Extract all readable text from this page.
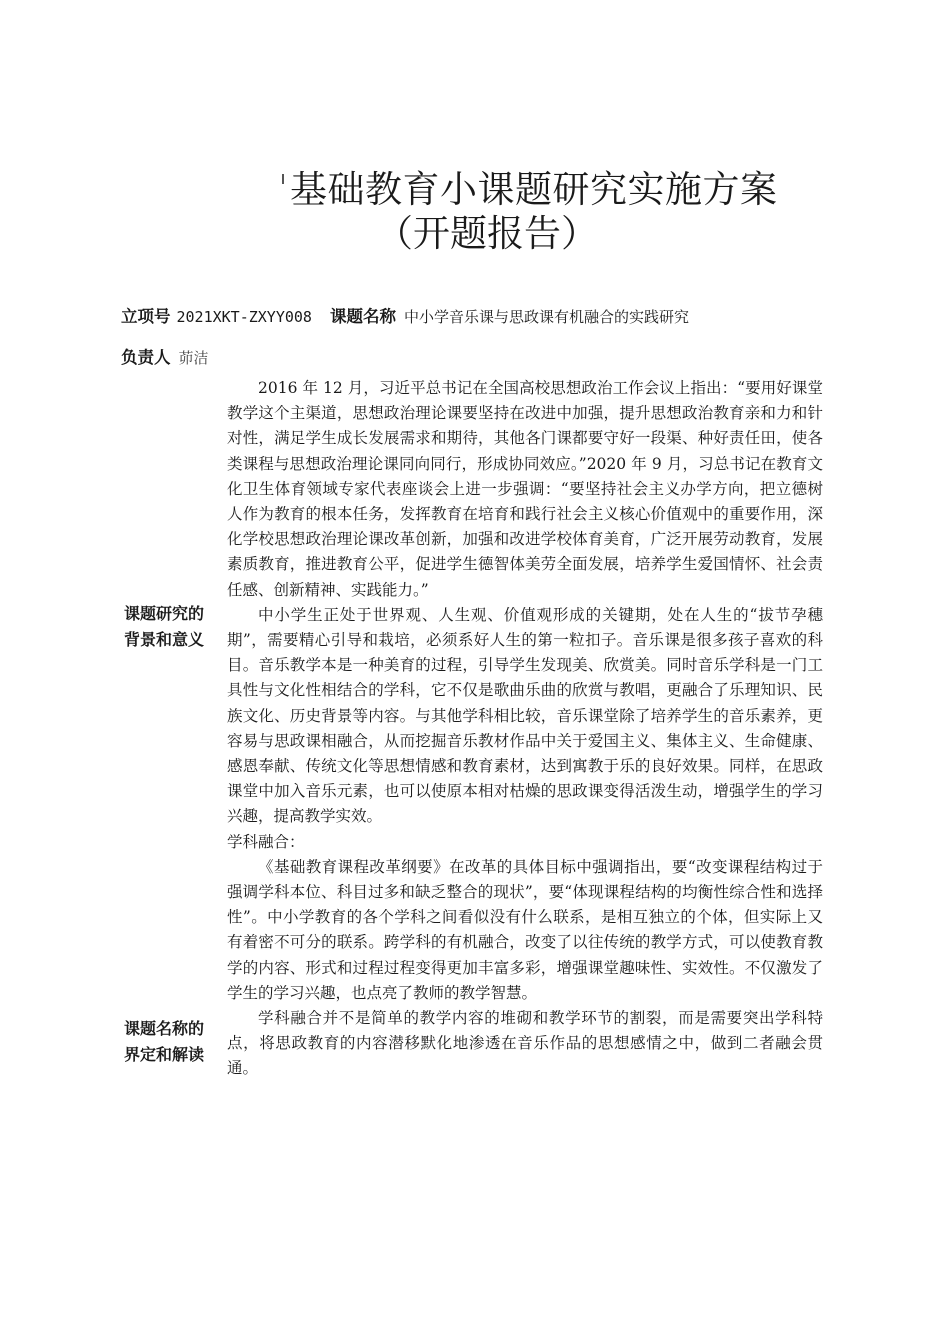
基础教育小课题研究实施方案
（开题报告）
立项号 2021XKT-ZXYY008 课题名称 中小学音乐课与思政课有机融合的实践研究
负责人 茆洁
课题研究的
背景和意义

2016 年 12 月，习近平总书记在全国高校思想政治工作会议上指出：“要用好课堂教学这个主渠道，思想政治理论课要坚持在改进中加强，提升思想政治教育亲和力和针对性，满足学生成长发展需求和期待，其他各门课都要守好一段渠、种好责任田，使各类课程与思想政治理论课同向同行，形成协同效应。”2020 年 9 月，习总书记在教育文化卫生体育领域专家代表座谈会上进一步强调：“要坚持社会主义办学方向，把立德树人作为教育的根本任务，发挥教育在培育和践行社会主义核心价值观中的重要作用，深化学校思想政治理论课改革创新，加强和改进学校体育美育，广泛开展劳动教育，发展素质教育，推进教育公平，促进学生德智体美劳全面发展，培养学生爱国情怀、社会责任感、创新精神、实践能力。”

中小学生正处于世界观、人生观、价值观形成的关键期，处在人生的“拔节孕穗期”，需要精心引导和栽培，必须系好人生的第一粒扣子。音乐课是很多孩子喜欢的科目。音乐教学本是一种美育的过程，引导学生发现美、欣赏美。同时音乐学科是一门工具性与文化性相结合的学科，它不仅是歌曲乐曲的欣赏与教唱，更融合了乐理知识、民族文化、历史背景等内容。与其他学科相比较，音乐课堂除了培养学生的音乐素养，更容易与思政课相融合，从而挖掘音乐教材作品中关于爱国主义、集体主义、生命健康、感恩奉献、传统文化等思想情感和教育素材，达到寓教于乐的良好效果。同样，在思政课堂中加入音乐元素，也可以使原本相对枯燥的思政课变得活泼生动，增强学生的学习兴趣，提高教学实效。

学科融合：

《基础教育课程改革纲要》在改革的具体目标中强调指出，要“改变课程结构过于强调学科本位、科目过多和缺乏整合的现状”，要“体现课程结构的均衡性综合性和选择性”。中小学教育的各个学科之间看似没有什么联系，是相互独立的个体，但实际上又有着密不可分的联系。跨学科的有机融合，改变了以往传统的教学方式，可以使教育教学的内容、形式和过程过程变得更加丰富多彩，增强课堂趣味性、实效性。不仅激发了学生的学习兴趣，也点亮了教师的教学智慧。

学科融合并不是简单的教学内容的堆砌和教学环节的割裂，而是需要突出学科特点，将思政教育的内容潜移默化地渗透在音乐作品的思想感情之中，做到二者融会贯通。

课题名称的
界定和解读
